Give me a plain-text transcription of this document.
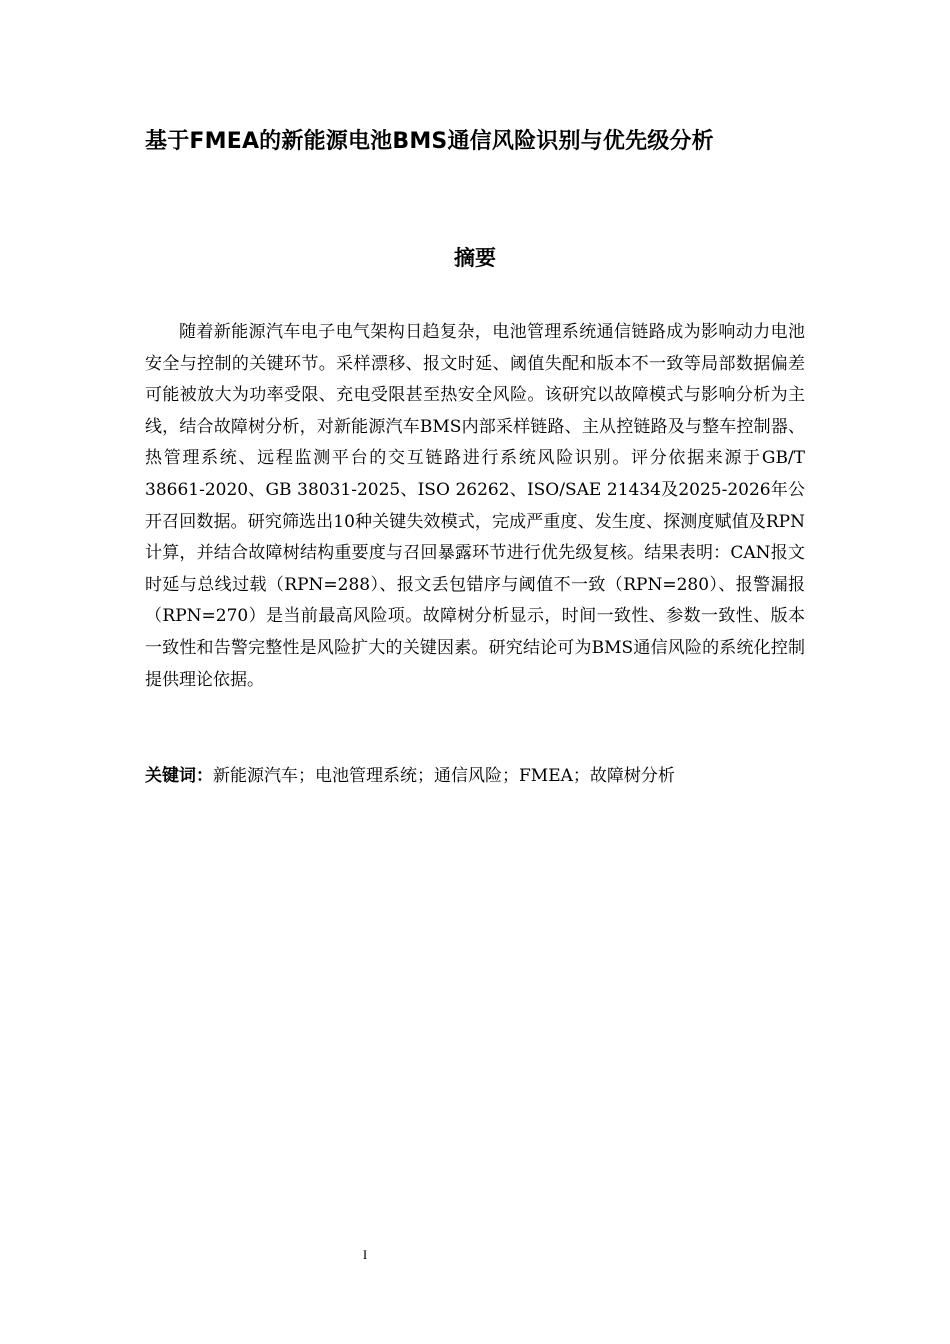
基于FMEA的新能源电池BMS通信风险识别与优先级分析
摘要

随着新能源汽车电子电气架构日趋复杂，电池管理系统通信链路成为影响动力电池安全与控制的关键环节。采样漂移、报文时延、阈值失配和版本不一致等局部数据偏差可能被放大为功率受限、充电受限甚至热安全风险。该研究以故障模式与影响分析为主线，结合故障树分析，对新能源汽车BMS内部采样链路、主从控链路及与整车控制器、热管理系统、远程监测平台的交互链路进行系统风险识别。评分依据来源于GB/T 38661-2020、GB 38031-2025、ISO 26262、ISO/SAE 21434及2025-2026年公开召回数据。研究筛选出10种关键失效模式，完成严重度、发生度、探测度赋值及RPN计算，并结合故障树结构重要度与召回暴露环节进行优先级复核。结果表明：CAN报文时延与总线过载（RPN=288）、报文丢包错序与阈值不一致（RPN=280）、报警漏报（RPN=270）是当前最高风险项。故障树分析显示，时间一致性、参数一致性、版本一致性和告警完整性是风险扩大的关键因素。研究结论可为BMS通信风险的系统化控制提供理论依据。

关键词：新能源汽车；电池管理系统；通信风险；FMEA；故障树分析
I
